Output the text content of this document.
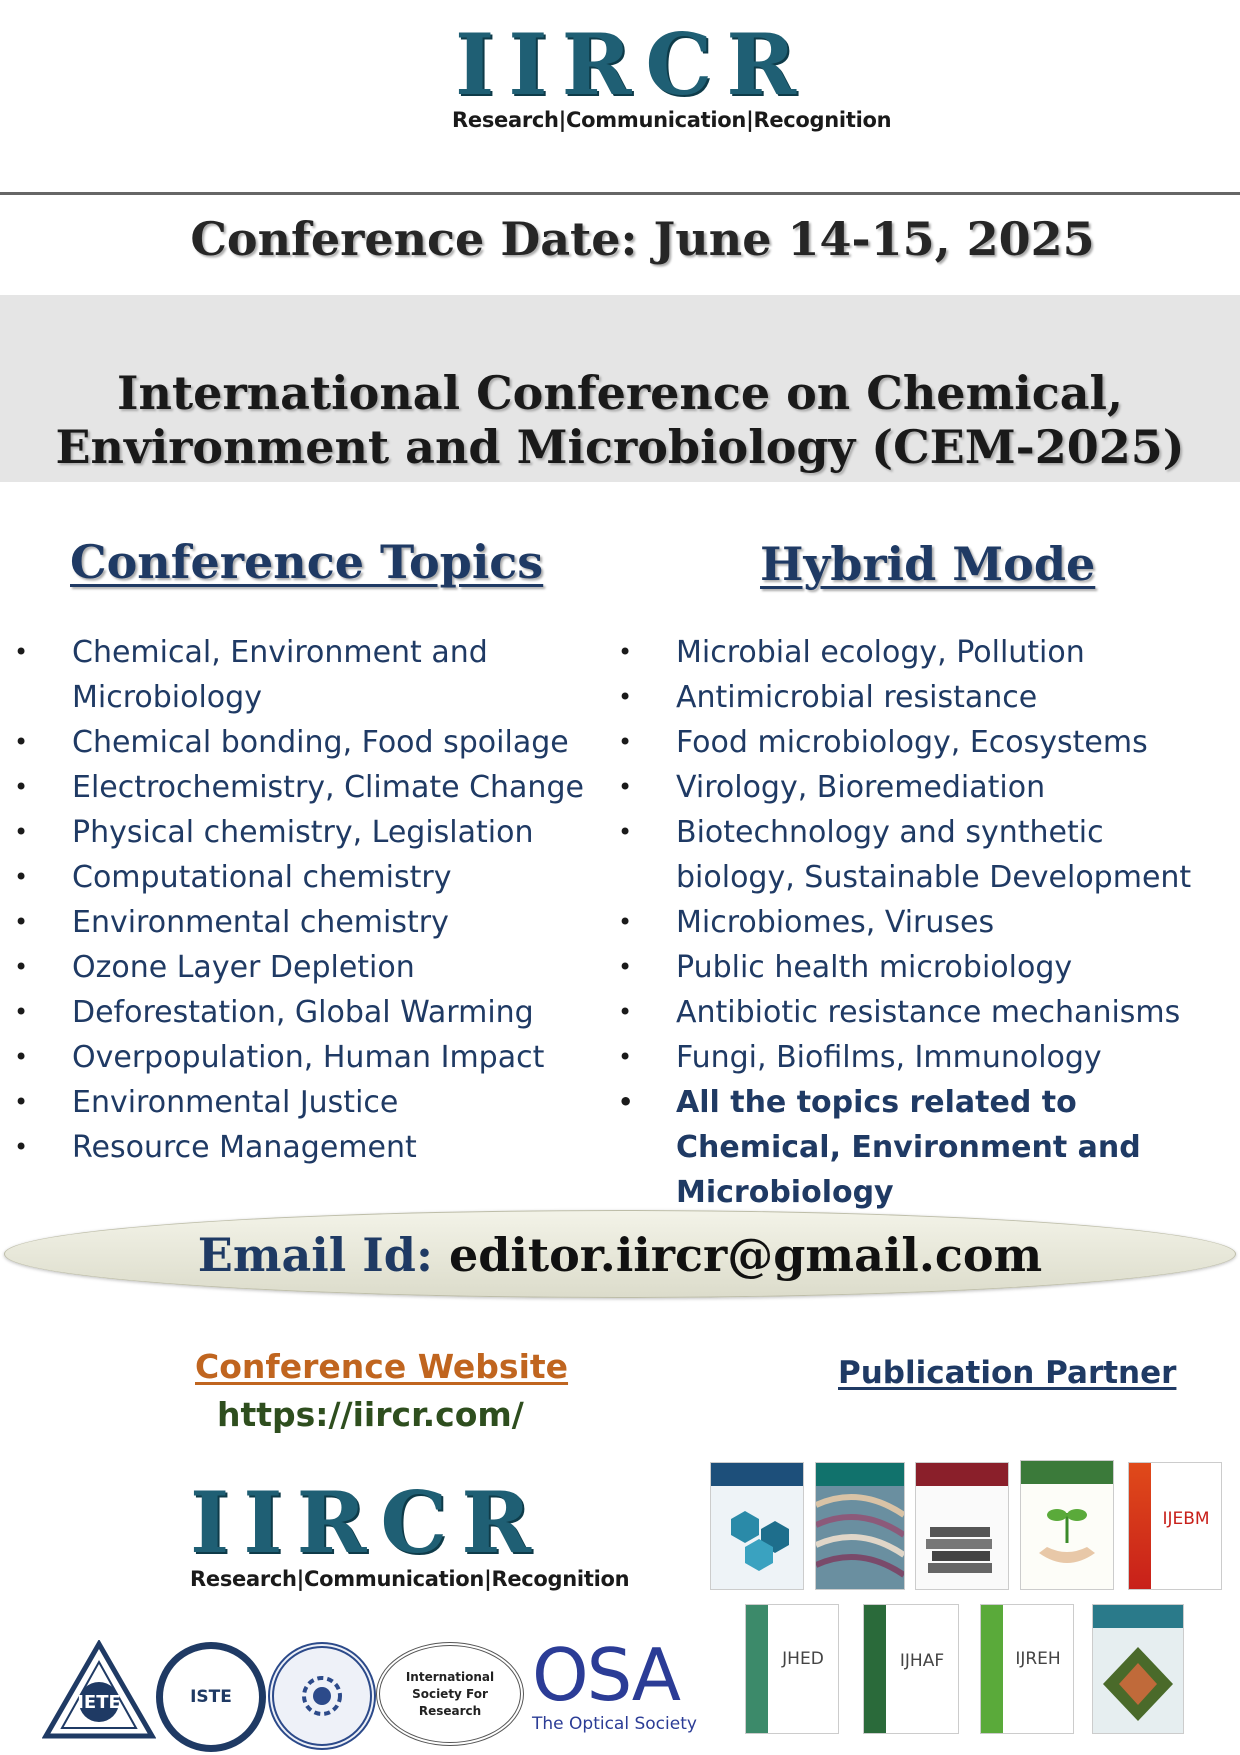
IIRCR
Research|Communication|Recognition
Conference Date: June 14-15, 2025
International Conference on Chemical,
Environment and Microbiology (CEM-2025)
Conference Topics	Hybrid Mode
• Chemical, Environment and Microbiology
• Chemical bonding, Food spoilage
• Electrochemistry, Climate Change
• Physical chemistry, Legislation
• Computational chemistry
• Environmental chemistry
• Ozone Layer Depletion
• Deforestation, Global Warming
• Overpopulation, Human Impact
• Environmental Justice
• Resource Management
• Microbial ecology, Pollution
• Antimicrobial resistance
• Food microbiology, Ecosystems
• Virology, Bioremediation
• Biotechnology and synthetic biology, Sustainable Development
• Microbiomes, Viruses
• Public health microbiology
• Antibiotic resistance mechanisms
• Fungi, Biofilms, Immunology
• All the topics related to Chemical, Environment and Microbiology
Email Id: editor.iircr@gmail.com
Conference Website
https://iircr.com/
Publication Partner
IIRCR
Research|Communication|Recognition
IETE	ISTE
International
Society For Research OSA
The Optical Society
IJEBM
JHED	IJHAF	IJREH
